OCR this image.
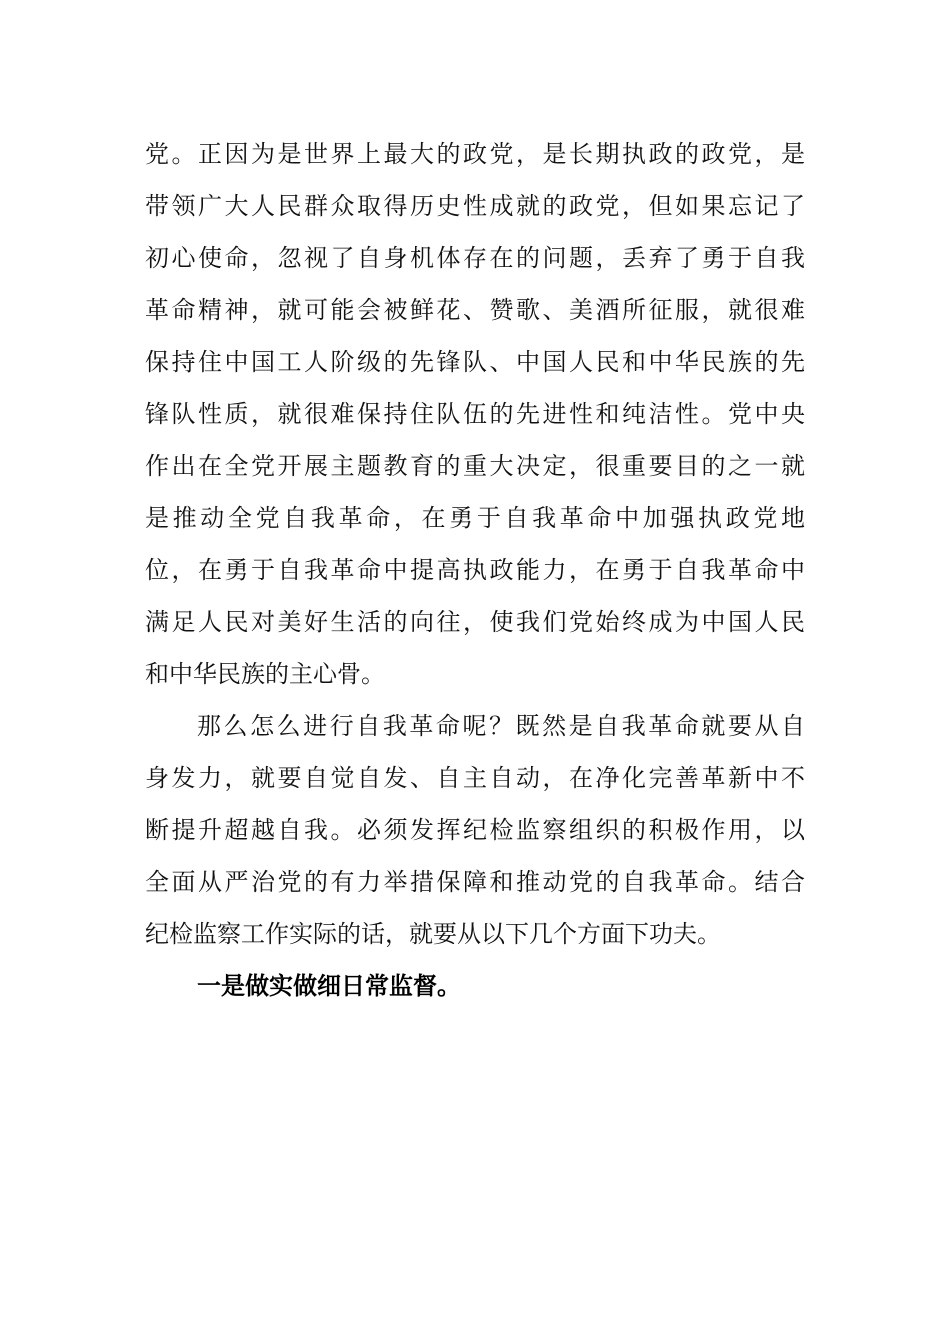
党。正因为是世界上最大的政党，是长期执政的政党，是
带领广大人民群众取得历史性成就的政党，但如果忘记了
初心使命，忽视了自身机体存在的问题，丢弃了勇于自我
革命精神，就可能会被鲜花、赞歌、美酒所征服，就很难
保持住中国工人阶级的先锋队、中国人民和中华民族的先
锋队性质，就很难保持住队伍的先进性和纯洁性。党中央
作出在全党开展主题教育的重大决定，很重要目的之一就
是推动全党自我革命，在勇于自我革命中加强执政党地
位，在勇于自我革命中提高执政能力，在勇于自我革命中
满足人民对美好生活的向往，使我们党始终成为中国人民
和中华民族的主心骨。
那么怎么进行自我革命呢？既然是自我革命就要从自
身发力，就要自觉自发、自主自动，在净化完善革新中不
断提升超越自我。必须发挥纪检监察组织的积极作用，以
全面从严治党的有力举措保障和推动党的自我革命。结合
纪检监察工作实际的话，就要从以下几个方面下功夫。
一是做实做细日常监督。
